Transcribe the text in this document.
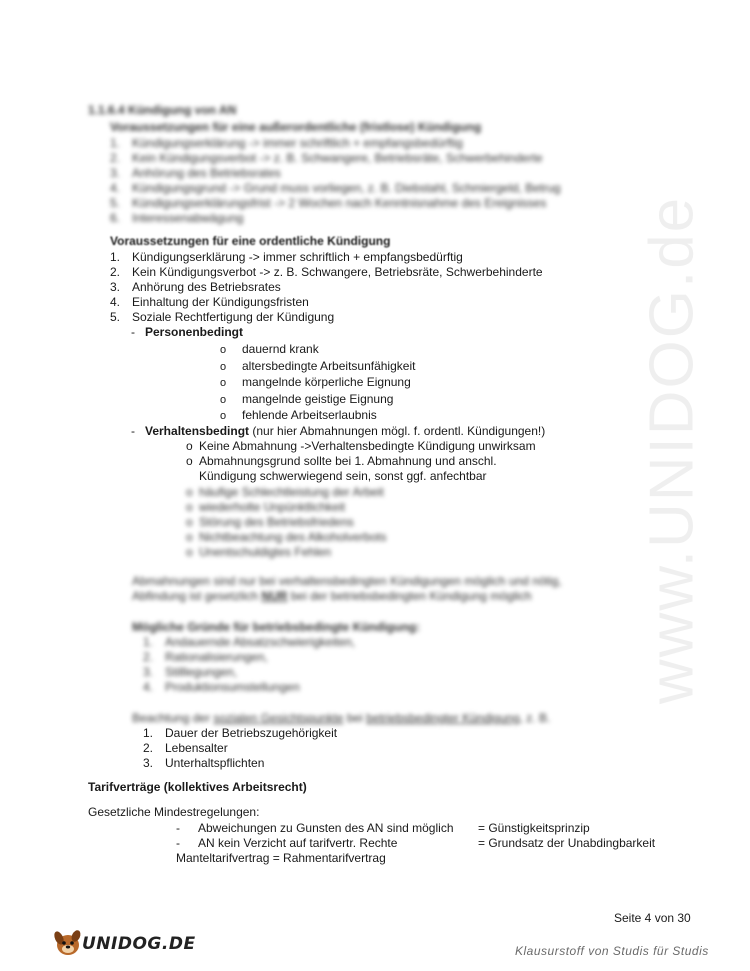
www.UNIDOG.de
1.1.6.4 Kündigung von AN
Voraussetzungen für eine außerordentliche (fristlose) Kündigung
1. Kündigungserklärung -> immer schriftlich + empfangsbedürftig
2. Kein Kündigungsverbot -> z. B. Schwangere, Betriebsräte, Schwerbehinderte
3. Anhörung des Betriebsrates
4. Kündigungsgrund -> Grund muss vorliegen, z. B. Diebstahl, Schmiergeld, Betrug
5. Kündigungserklärungsfrist -> 2 Wochen nach Kenntnisnahme des Ereignisses
6. Interessenabwägung
Voraussetzungen für eine ordentliche Kündigung
1. Kündigungserklärung -> immer schriftlich + empfangsbedürftig
2. Kein Kündigungsverbot -> z. B. Schwangere, Betriebsräte, Schwerbehinderte
3. Anhörung des Betriebsrates
4. Einhaltung der Kündigungsfristen
5. Soziale Rechtfertigung der Kündigung
- Personenbedingt
o dauernd krank
o altersbedingte Arbeitsunfähigkeit
o mangelnde körperliche Eignung
o mangelnde geistige Eignung
o fehlende Arbeitserlaubnis
- Verhaltensbedingt (nur hier Abmahnungen mögl. f. ordentl. Kündigungen!)
o Keine Abmahnung ->Verhaltensbedingte Kündigung unwirksam
o Abmahnungsgrund sollte bei 1. Abmahnung und anschl.
Kündigung schwerwiegend sein, sonst ggf. anfechtbar
o häufige Schlechtleistung der Arbeit
o wiederholte Unpünktlichkeit
o Störung des Betriebsfriedens
o Nichtbeachtung des Alkoholverbots
o Unentschuldigtes Fehlen
Abmahnungen sind nur bei verhaltensbedingten Kündigungen möglich und nötig,
Abfindung ist gesetzlich NUR bei der betriebsbedingten Kündigung möglich
Mögliche Gründe für betriebsbedingte Kündigung:
1. Andauernde Absatzschwierigkeiten,
2. Rationalisierungen,
3. Stilllegungen,
4. Produktionsumstellungen
Beachtung der sozialen Gesichtspunkte bei betriebsbedingter Kündigung, z. B.
1. Dauer der Betriebszugehörigkeit
2. Lebensalter
3. Unterhaltspflichten
Tarifverträge (kollektives Arbeitsrecht)
Gesetzliche Mindestregelungen:
- Abweichungen zu Gunsten des AN sind möglich = Günstigkeitsprinzip
- AN kein Verzicht auf tarifvertr. Rechte	= Grundsatz der Unabdingbarkeit
Manteltarifvertrag = Rahmentarifvertrag
Seite 4 von 30
UNIDOG.DE	Klausurstoff von Studis für Studis
